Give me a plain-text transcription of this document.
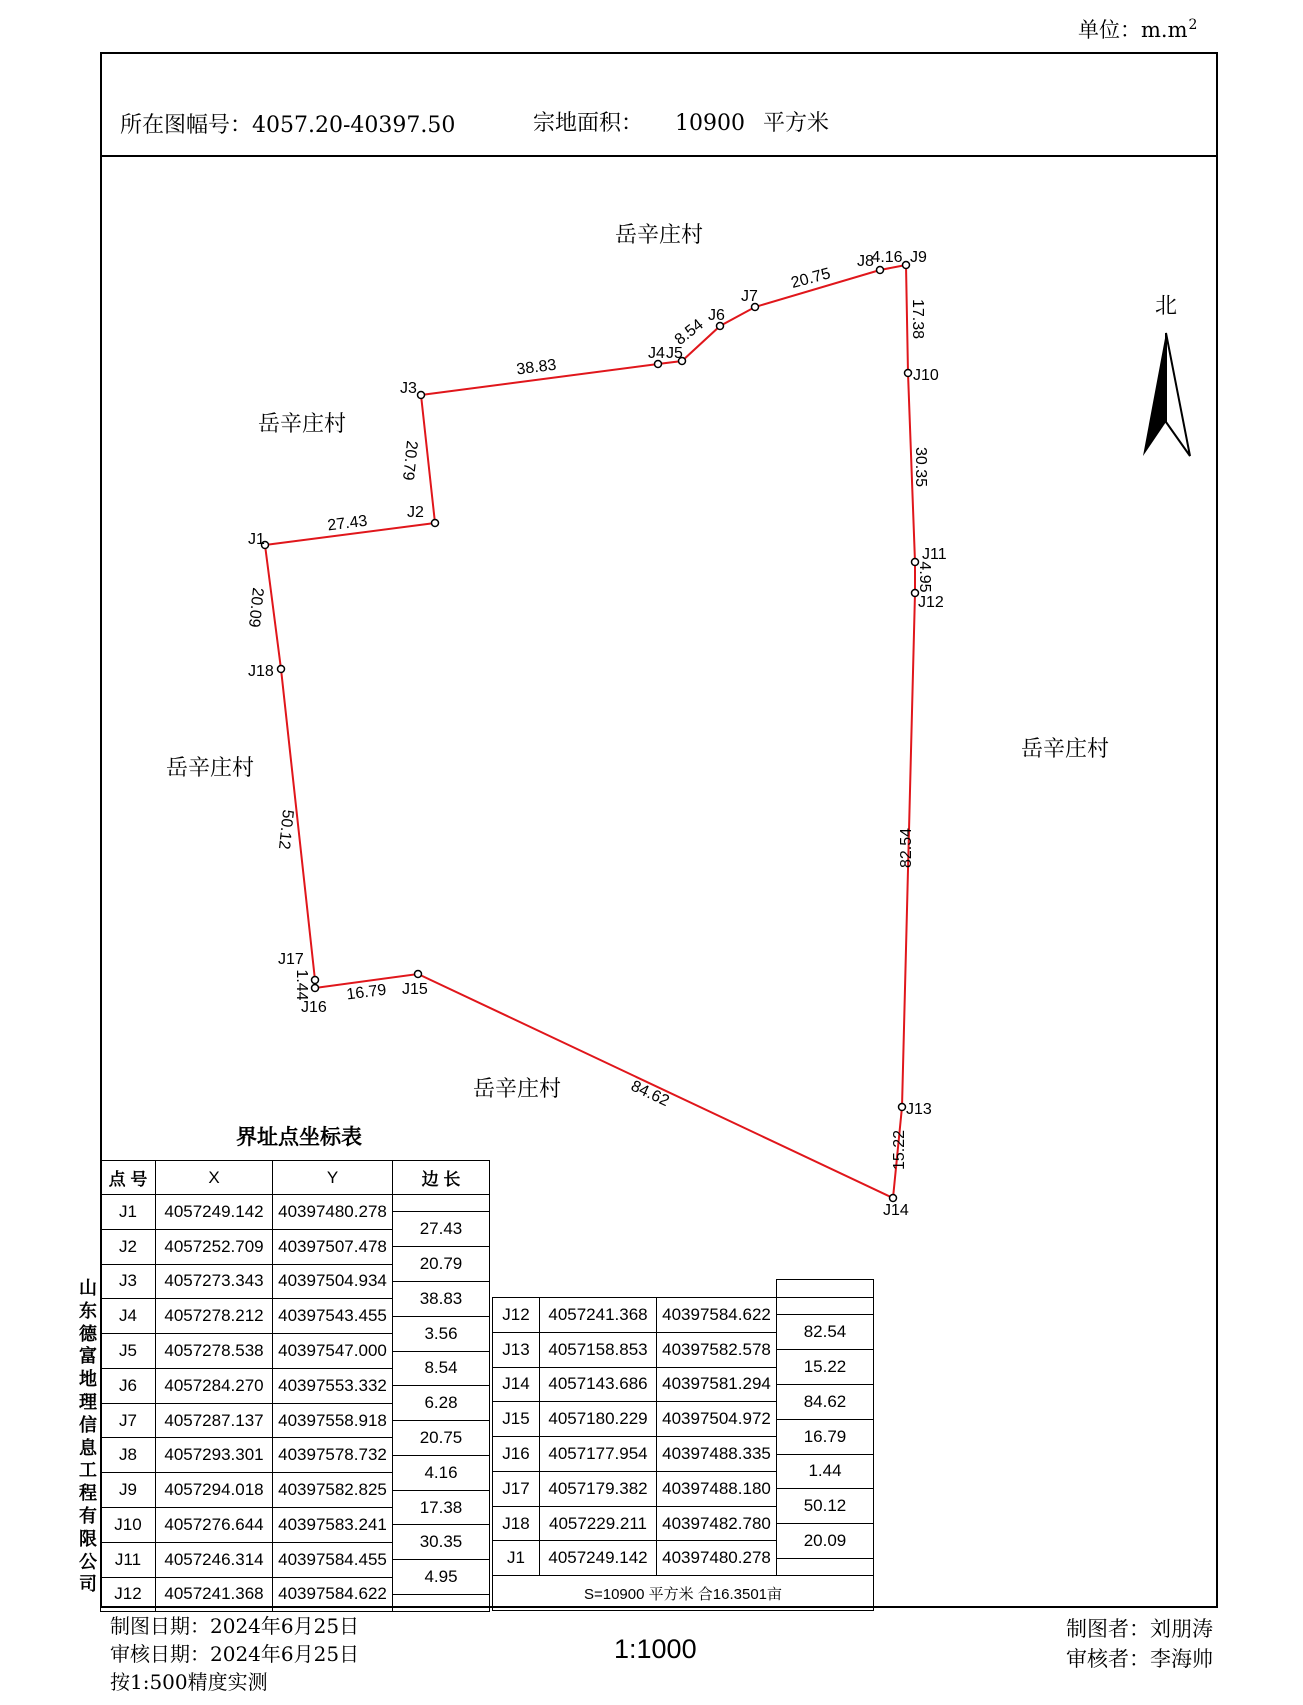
单位：$m.m^2$
所在图幅号：4057.20-40397.50	宗地面积： 10900 平方米
北
J1
J2
J3
J4 J5
J6
J7
J8 J9
J10
J11
J12
J13
J14
J15
J16
J17
J18
27.43
20.79
38.83
8.54
20.75
4.16
17.38
30.35
4.95
82.54
15.22
84.62
16.79
1.44
50.12
20.09
岳辛庄村
岳辛庄村
岳辛庄村
岳辛庄村
岳辛庄村
界址点坐标表
山东德富地理信息工程有限公司
点 号	X	Y	边 长
J1	4057249.142	40397480.278	
			27.43
J2	4057252.709	40397507.478	
			20.79
J3	4057273.343	40397504.934	
			38.83
J4	4057278.212	40397543.455	
			3.56
J5	4057278.538	40397547.000	
			8.54
J6	4057284.270	40397553.332	
			6.28
J7	4057287.137	40397558.918	
			20.75
J8	4057293.301	40397578.732	
			4.16
J9	4057294.018	40397582.825	
			17.38
J10	4057276.644	40397583.241	
			30.35
J11	4057246.314	40397584.455	
			4.95
J12	4057241.368	40397584.622	

J12	4057241.368	40397584.622	
			82.54
J13	4057158.853	40397582.578	
			15.22
J14	4057143.686	40397581.294	
			84.62
J15	4057180.229	40397504.972	
			16.79
J16	4057177.954	40397488.335	
			1.44
J17	4057179.382	40397488.180	
			50.12
J18	4057229.211	40397482.780	
			20.09
J1	4057249.142	40397480.278	

S=10900 平方米 合16.3501亩			
制图日期：2024年6月25日
审核日期：2024年6月25日
按1:500精度实测
1:1000
制图者：刘朋涛
审核者：李海帅
